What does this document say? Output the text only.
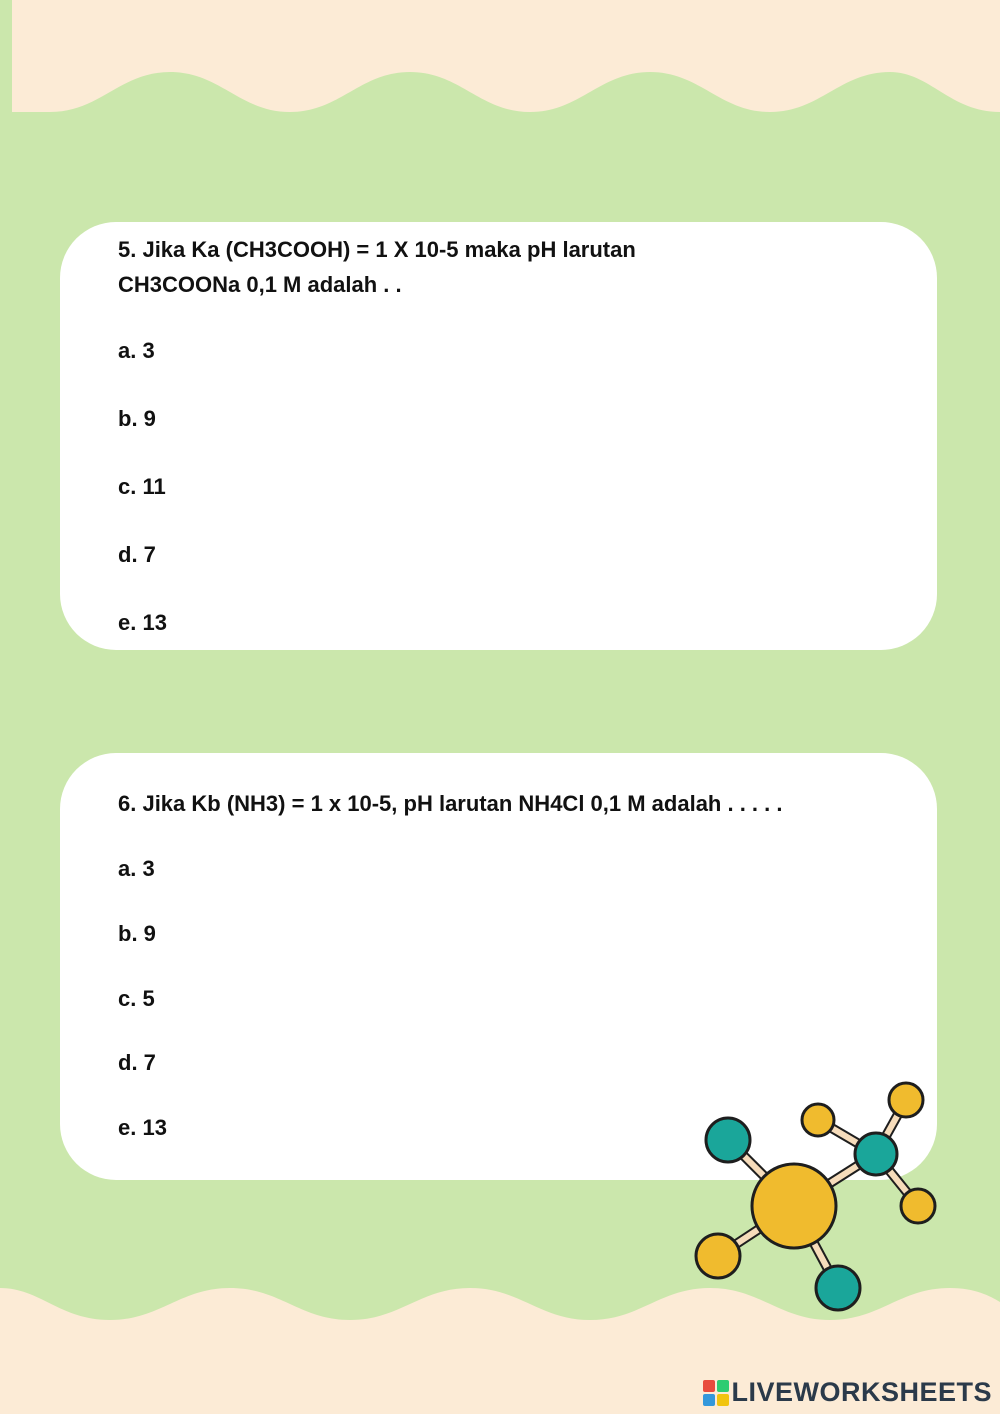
5. Jika Ka (CH3COOH) = 1 X 10-5 maka pH larutan CH3COONa 0,1 M adalah . .

a. 3

b. 9

c. 11

d. 7

e. 13

6. Jika Kb (NH3) = 1 x 10-5, pH larutan NH4Cl 0,1 M adalah . . . . .

a. 3

b. 9

c. 5

d. 7

e. 13

LIVEWORKSHEETS
